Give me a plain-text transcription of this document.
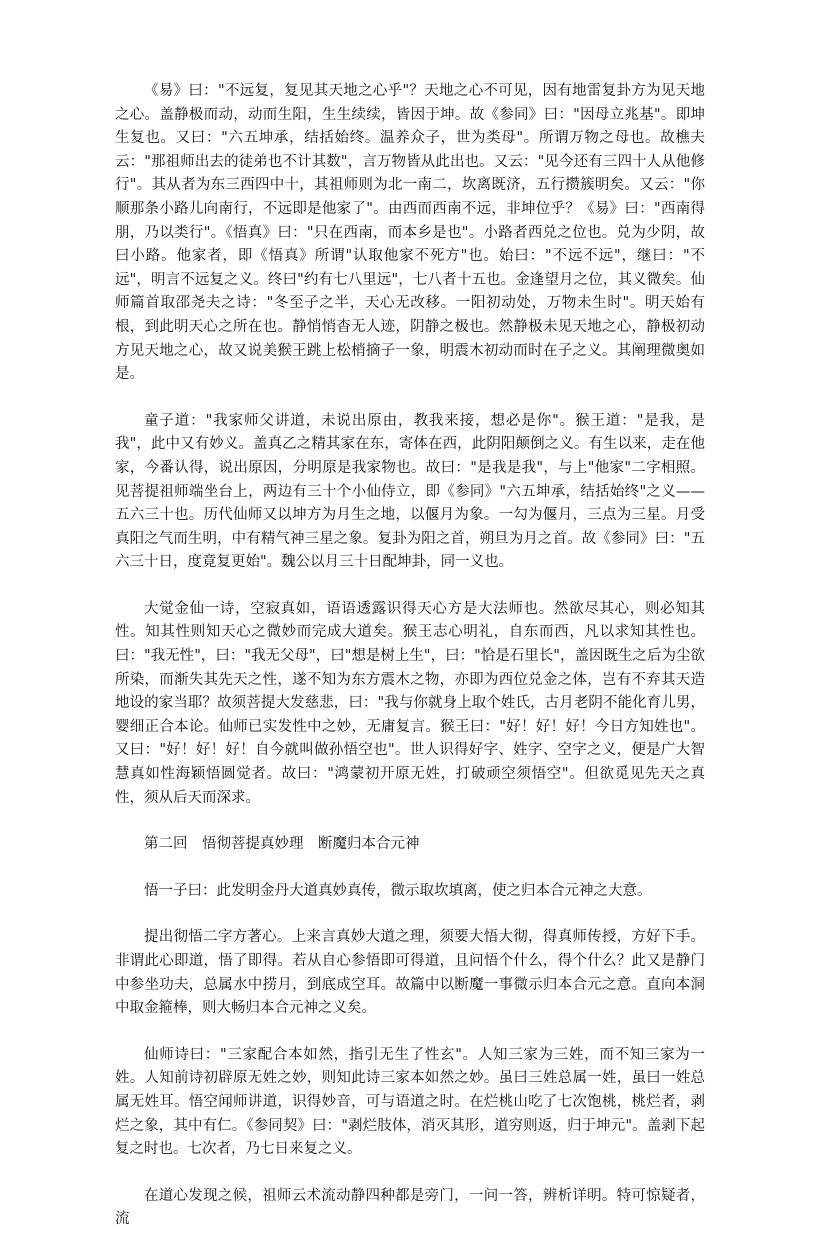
《易》曰："不远复，复见其天地之心乎"？天地之心不可见，因有地雷复卦方为见天地之心。盖静极而动，动而生阳，生生续续，皆因于坤。故《参同》曰："因母立兆基"。即坤生复也。又曰："六五坤承，结括始终。温养众子，世为类母"。所谓万物之母也。故樵夫云："那祖师出去的徒弟也不计其数"，言万物皆从此出也。又云："见今还有三四十人从他修行"。其从者为东三西四中十，其祖师则为北一南二，坎离既济，五行攒簇明矣。又云："你顺那条小路儿向南行，不远即是他家了"。由西而西南不远，非坤位乎？《易》曰："西南得朋，乃以类行"。《悟真》曰："只在西南，而本乡是也"。小路者西兑之位也。兑为少阴，故曰小路。他家者，即《悟真》所谓"认取他家不死方"也。始曰："不远不远"，继曰："不远"，明言不远复之义。终曰"约有七八里远"，七八者十五也。金逢望月之位，其义微矣。仙师篇首取邵尧夫之诗："冬至子之半，天心无改移。一阳初动处，万物未生时"。明天始有根，到此明天心之所在也。静悄悄杳无人迹，阴静之极也。然静极未见天地之心，静极初动方见天地之心，故又说美猴王跳上松梢摘子一象，明震木初动而时在子之义。其阐理微奥如是。

童子道："我家师父讲道，未说出原由，教我来接，想必是你"。猴王道："是我，是我"，此中又有妙义。盖真乙之精其家在东，寄体在西，此阴阳颠倒之义。有生以来，走在他家，今番认得，说出原因，分明原是我家物也。故曰："是我是我"，与上"他家"二字相照。见菩提祖师端坐台上，两边有三十个小仙侍立，即《参同》"六五坤承，结括始终"之义——五六三十也。历代仙师又以坤方为月生之地，以偃月为象。一勾为偃月，三点为三星。月受真阳之气而生明，中有精气神三星之象。复卦为阳之首，朔旦为月之首。故《参同》曰："五六三十日，度竟复更始"。魏公以月三十日配坤卦，同一义也。

大觉金仙一诗，空寂真如，语语透露识得天心方是大法师也。然欲尽其心，则必知其性。知其性则知天心之微妙而完成大道矣。猴王志心明礼，自东而西，凡以求知其性也。曰："我无性"，曰："我无父母"，曰"想是树上生"，曰："恰是石里长"，盖因既生之后为尘欲所染，而渐失其先天之性，遂不知为东方震木之物，亦即为西位兑金之体，岂有不弃其天造地设的家当耶？故须菩提大发慈悲，曰："我与你就身上取个姓氏，古月老阴不能化育儿男，婴细正合本论。仙师已实发性中之妙，无庸复言。猴王曰："好！好！好！今日方知姓也"。又曰："好！好！好！自今就叫做孙悟空也"。世人识得好字、姓字、空字之义，便是广大智慧真如性海颖悟圆觉者。故曰："鸿蒙初开原无姓，打破顽空须悟空"。但欲觅见先天之真性，须从后天而深求。

第二回　悟彻菩提真妙理　断魔归本合元神

悟一子曰：此发明金丹大道真妙真传，微示取坎填离，使之归本合元神之大意。

提出彻悟二字方著心。上来言真妙大道之理，须要大悟大彻，得真师传授，方好下手。非谓此心即道，悟了即得。若从自心参悟即可得道，且问悟个什么，得个什么？此又是静门中参坐功夫，总属水中捞月，到底成空耳。故篇中以断魔一事微示归本合元之意。直向本洞中取金箍棒，则大畅归本合元神之义矣。

仙师诗曰："三家配合本如然，指引无生了性玄"。人知三家为三姓，而不知三家为一姓。人知前诗初辟原无姓之妙，则知此诗三家本如然之妙。虽曰三姓总属一姓，虽曰一姓总属无姓耳。悟空闻师讲道，识得妙音，可与语道之时。在烂桃山吃了七次饱桃，桃烂者，剥烂之象，其中有仁。《参同契》曰："剥烂肢体，消灭其形，道穷则返，归于坤元"。盖剥下起复之时也。七次者，乃七日来复之义。

在道心发现之候，祖师云术流动静四种都是旁门，一问一答，辨析详明。特可惊疑者，流
